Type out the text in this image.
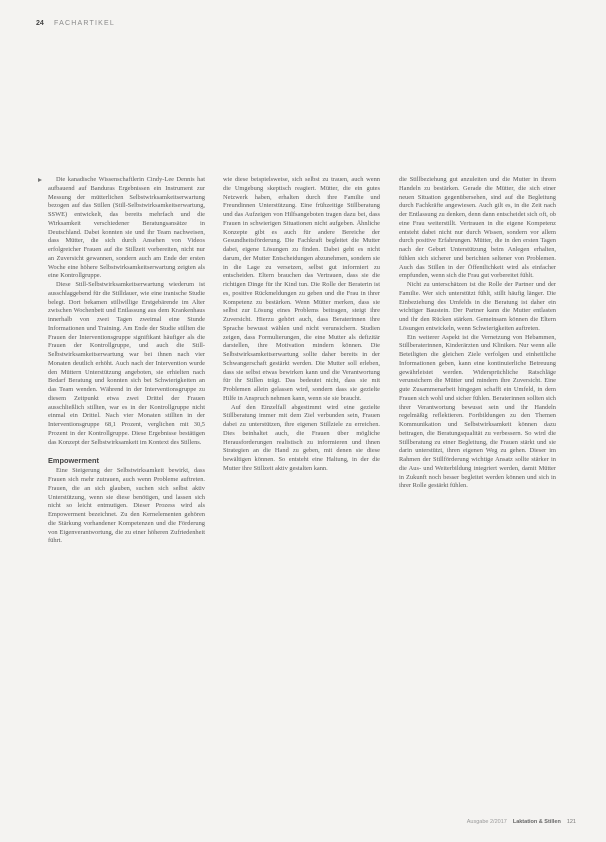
24 FACHARTIKEL

Die kanadische Wissenschaftlerin Cindy-Lee Dennis hat aufbauend auf Banduras Ergebnissen ein Instrument zur Messung der mütterlichen Selbstwirksamkeitserwartung bezogen auf das Stillen (Still-Selbstwirksamkeitserwartung, SSWE) entwickelt, das bereits mehrfach und die Wirksamkeit verschiedener Beratungsansätze in Deutschland. Dabei konnten sie und ihr Team nachweisen, dass Mütter, die sich durch Ansehen von Videos erfolgreicher Frauen auf die Stillzeit vorbereiten, nicht nur an Zuversicht gewannen, sondern auch am Ende der ersten Woche eine höhere Selbstwirksamkeitserwartung zeigten als eine Kontrollgruppe.

Diese Still-Selbstwirksamkeitserwartung wiederum ist ausschlaggebend für die Stilldauer, wie eine iranische Studie belegt. Dort bekamen stillwillige Erstgebärende im Alter zwischen Wochenbett und Entlassung aus dem Krankenhaus innerhalb von zwei Tagen zweimal eine Stunde Informationen und Training. Am Ende der Studie stillten die Frauen der Interventionsgruppe signifikant häufiger als die Frauen der Kontrollgruppe, und auch die Still-Selbstwirksamkeitserwartung war bei ihnen nach vier Monaten deutlich erhöht. Auch nach der Intervention wurde den Müttern Unterstützung angeboten, sie erhielten nach Bedarf Beratung und konnten sich bei Schwierigkeiten an das Team wenden. Während in der Interventionsgruppe zu diesem Zeitpunkt etwa zwei Drittel der Frauen ausschließlich stillten, war es in der Kontrollgruppe nicht einmal ein Drittel. Nach vier Monaten stillten in der Interventionsgruppe 68,1 Prozent, verglichen mit 30,5 Prozent in der Kontrollgruppe. Diese Ergebnisse bestätigen das Konzept der Selbstwirksamkeit im Kontext des Stillens.

Empowerment

Eine Steigerung der Selbstwirksamkeit bewirkt, dass Frauen sich mehr zutrauen, auch wenn Probleme auftreten. Frauen, die an sich glauben, suchen sich selbst aktiv Unterstützung, wenn sie diese benötigen, und lassen sich nicht so leicht entmutigen. Dieser Prozess wird als Empowerment bezeichnet. Zu den Kernelementen gehören die Stärkung vorhandener Kompetenzen und die Förderung von Eigenverantwortung, die zu einer höheren Zufriedenheit führt.

wie diese beispielsweise, sich selbst zu trauen, auch wenn die Umgebung skeptisch reagiert. Mütter, die ein gutes Netzwerk haben, erhalten durch ihre Familie und Freundinnen Unterstützung. Eine frühzeitige Stillberatung und das Aufzeigen von Hilfsangeboten tragen dazu bei, dass Frauen in schwierigen Situationen nicht aufgeben. Ähnliche Konzepte gibt es auch für andere Bereiche der Gesundheitsförderung. Die Fachkraft begleitet die Mutter dabei, eigene Lösungen zu finden. Dabei geht es nicht darum, der Mutter Entscheidungen abzunehmen, sondern sie in die Lage zu versetzen, selbst gut informiert zu entscheiden. Eltern brauchen das Vertrauen, dass sie die richtigen Dinge für ihr Kind tun. Die Rolle der Beraterin ist es, positive Rückmeldungen zu geben und die Frau in ihrer Kompetenz zu bestärken. Wenn Mütter merken, dass sie selbst zur Lösung eines Problems beitragen, steigt ihre Zuversicht. Hierzu gehört auch, dass Beraterinnen ihre Sprache bewusst wählen und nicht verunsichern. Studien zeigen, dass Formulierungen, die eine Mutter als defizitär darstellen, ihre Motivation mindern können. Die Selbstwirksamkeitserwartung sollte daher bereits in der Schwangerschaft gestärkt werden. Die Mutter soll erleben, dass sie selbst etwas bewirken kann und die Verantwortung für ihr Stillen trägt. Das bedeutet nicht, dass sie mit Problemen allein gelassen wird, sondern dass sie gezielte Hilfe in Anspruch nehmen kann, wenn sie sie braucht.

Auf den Einzelfall abgestimmt wird eine gezielte Stillberatung immer mit dem Ziel verbunden sein, Frauen dabei zu unterstützen, ihre eigenen Stillziele zu erreichen. Dies beinhaltet auch, die Frauen über mögliche Herausforderungen realistisch zu informieren und ihnen Strategien an die Hand zu geben, mit denen sie diese bewältigen können. So entsteht eine Haltung, in der die Mutter ihre Stillzeit aktiv gestalten kann.

die Stillbeziehung gut anzuleiten und die Mutter in ihrem Handeln zu bestärken. Gerade die Mütter, die sich einer neuen Situation gegenübersehen, sind auf die Begleitung durch Fachkräfte angewiesen. Auch gilt es, in die Zeit nach der Entlassung zu denken, denn dann entscheidet sich oft, ob eine Frau weiterstillt. Vertrauen in die eigene Kompetenz entsteht dabei nicht nur durch Wissen, sondern vor allem durch positive Erfahrungen. Mütter, die in den ersten Tagen nach der Geburt Unterstützung beim Anlegen erhalten, fühlen sich sicherer und berichten seltener von Problemen. Auch das Stillen in der Öffentlichkeit wird als einfacher empfunden, wenn sich die Frau gut vorbereitet fühlt.

Nicht zu unterschätzen ist die Rolle der Partner und der Familie. Wer sich unterstützt fühlt, stillt häufig länger. Die Einbeziehung des Umfelds in die Beratung ist daher ein wichtiger Baustein. Der Partner kann die Mutter entlasten und ihr den Rücken stärken. Gemeinsam können die Eltern Lösungen entwickeln, wenn Schwierigkeiten auftreten.

Ein weiterer Aspekt ist die Vernetzung von Hebammen, Stillberaterinnen, Kinderärzten und Kliniken. Nur wenn alle Beteiligten die gleichen Ziele verfolgen und einheitliche Informationen geben, kann eine kontinuierliche Betreuung gewährleistet werden. Widersprüchliche Ratschläge verunsichern die Mütter und mindern ihre Zuversicht. Eine gute Zusammenarbeit hingegen schafft ein Umfeld, in dem Frauen sich wohl und sicher fühlen. Beraterinnen sollten sich ihrer Verantwortung bewusst sein und ihr Handeln regelmäßig reflektieren. Fortbildungen zu den Themen Kommunikation und Selbstwirksamkeit können dazu beitragen, die Beratungsqualität zu verbessern. So wird die Stillberatung zu einer Begleitung, die Frauen stärkt und sie darin unterstützt, ihren eigenen Weg zu gehen. Dieser im Rahmen der Stillförderung wichtige Ansatz sollte stärker in die Aus- und Weiterbildung integriert werden, damit Mütter in Zukunft noch besser begleitet werden können und sich in ihrer Rolle gestärkt fühlen.

Ausgabe 2/2017 Laktation & Stillen 121
